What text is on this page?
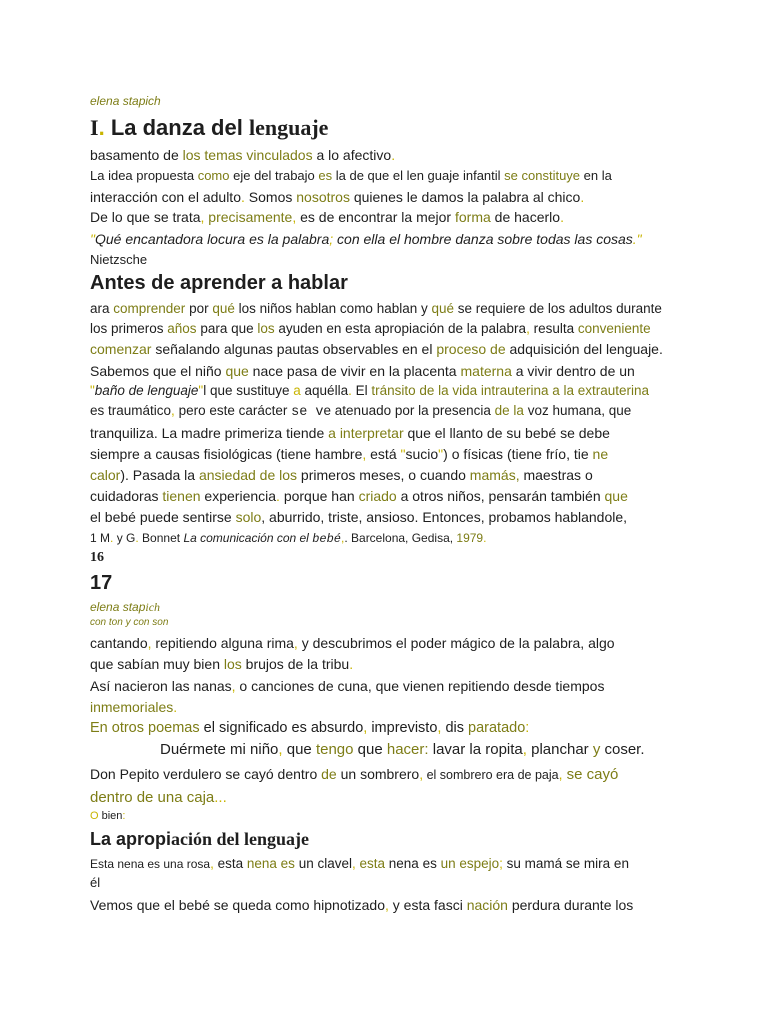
elena stapich
I. La danza del lenguaje
basamento de los temas vinculados a lo afectivo.
La idea propuesta como eje del trabajo es la de que el len guaje infantil se constituye en la
interacción con el adulto. Somos nosotros quienes le damos la palabra al chico.
De lo que se trata, precisamente, es de encontrar la mejor forma de hacerlo.
"Qué encantadora locura es la palabra; con ella el hombre danza sobre todas las cosas."
Nietzsche
Antes de aprender a hablar
ara comprender por qué los niños hablan como hablan y qué se requiere de los adultos durante
los primeros años para que los ayuden en esta apropiación de la palabra, resulta conveniente
comenzar señalando algunas pautas observables en el proceso de adquisición del lenguaje.
Sabemos que el niño que nace pasa de vivir en la placenta materna a vivir dentro de un
"baño de lenguaje"l que sustituye a aquélla. El tránsito de la vida intrauterina a la extrauterina
es traumático, pero este carácter se ve atenuado por la presencia de la voz humana, que
tranquiliza. La madre primeriza tiende a interpretar que el llanto de su bebé se debe
siempre a causas fisiológicas (tiene hambre, está "sucio") o físicas (tiene frío, tie ne
calor). Pasada la ansiedad de los primeros meses, o cuando mamás, maestras o
cuidadoras tienen experiencia. porque han criado a otros niños, pensarán también que
el bebé puede sentirse solo, aburrido, triste, ansioso. Entonces, probamos hablandole,
1 M. y G. Bonnet La comunicación con el bebé,. Barcelona, Gedisa, 1979.
16
17
elena stapich
con ton y con son
cantando, repitiendo alguna rima, y descubrimos el poder mágico de la palabra, algo
que sabían muy bien los brujos de la tribu.
Así nacieron las nanas, o canciones de cuna, que vienen repitiendo desde tiempos
inmemoriales.
En otros poemas el significado es absurdo, imprevisto, dis paratado:
Duérmete mi niño, que tengo que hacer: lavar la ropita, planchar y coser.
Don Pepito verdulero se cayó dentro de un sombrero, el sombrero era de paja, se cayó
dentro de una caja...
O bien:
La apropiación del lenguaje
Esta nena es una rosa, esta nena es un clavel, esta nena es un espejo; su mamá se mira en
él
Vemos que el bebé se queda como hipnotizado, y esta fasci nación perdura durante los
